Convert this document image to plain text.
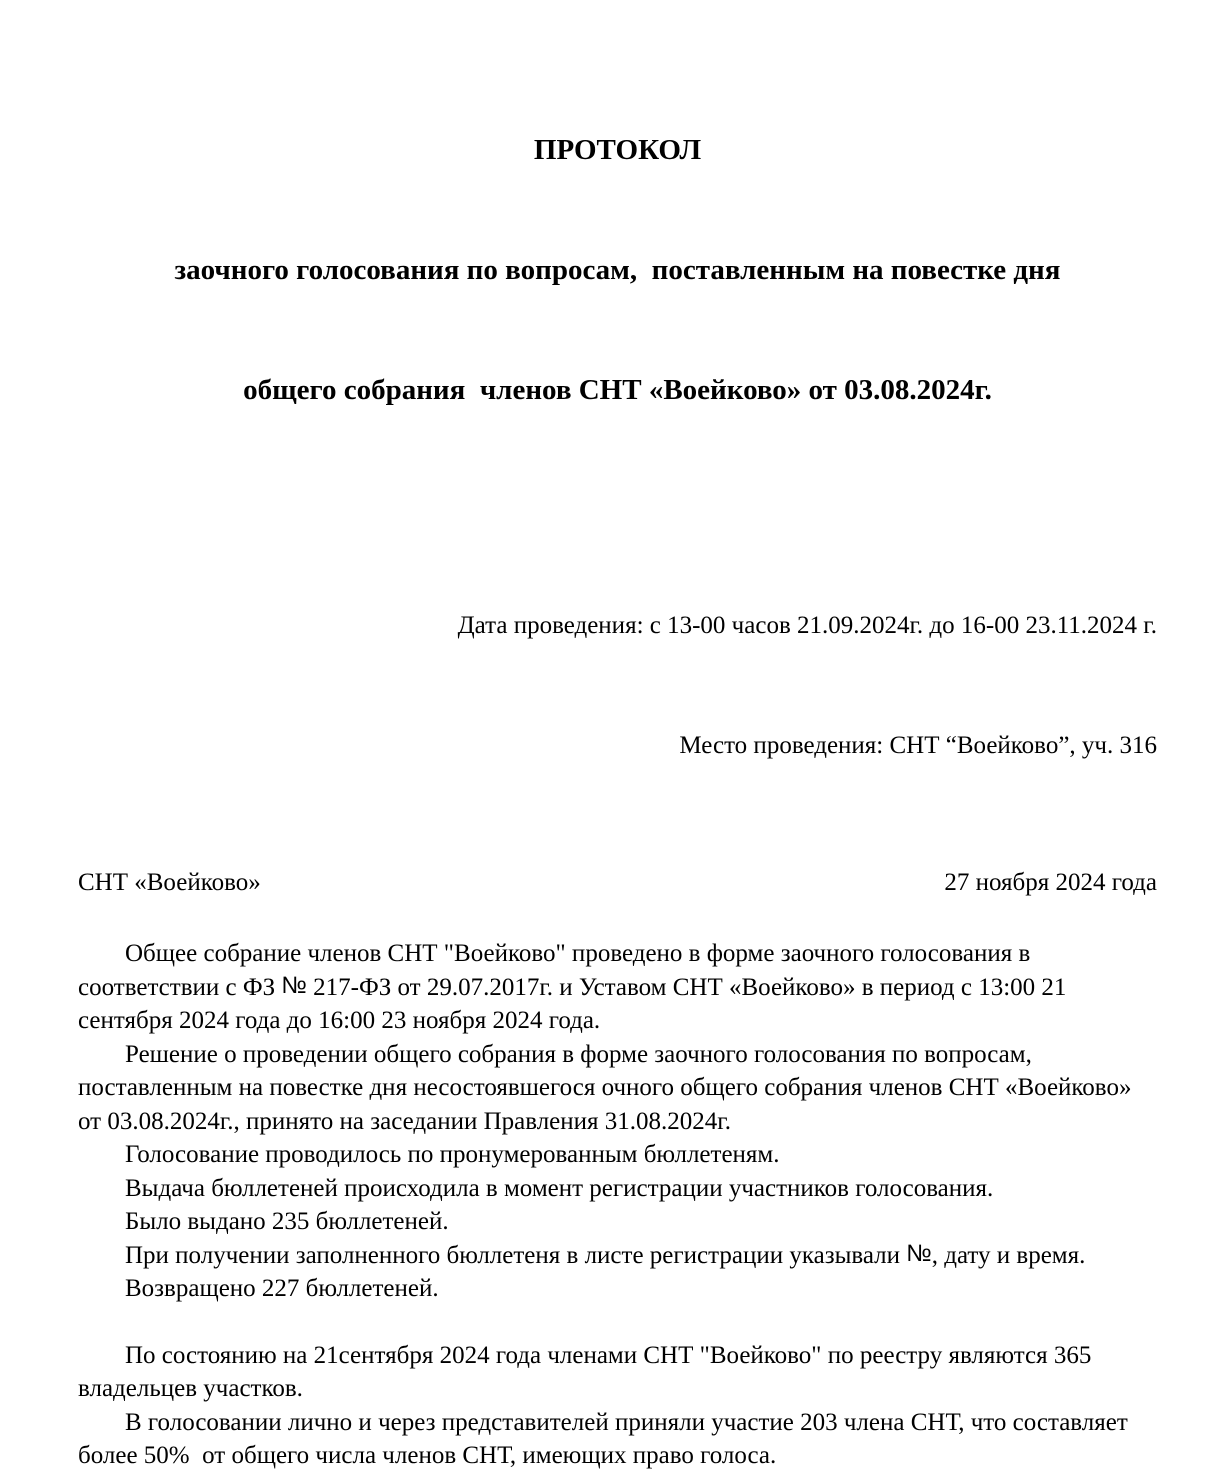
ПРОТОКОЛ

заочного голосования по вопросам,  поставленным на повестке дня

общего собрания  членов СНТ «Воейково» от 03.08.2024г.

Дата проведения: с 13-00 часов 21.09.2024г. до 16-00 23.11.2024 г.

Место проведения: СНТ “Воейково”, уч. 316

СНТ «Воейково»	27 ноября 2024 года

Общее собрание членов СНТ "Воейково" проведено в форме заочного голосования в соответствии с ФЗ № 217-ФЗ от 29.07.2017г. и Уставом СНТ «Воейково» в период с 13:00 21 сентября 2024 года до 16:00 23 ноября 2024 года.

Решение о проведении общего собрания в форме заочного голосования по вопросам, поставленным на повестке дня несостоявшегося очного общего собрания членов СНТ «Воейково» от 03.08.2024г., принято на заседании Правления 31.08.2024г.

Голосование проводилось по пронумерованным бюллетеням.

Выдача бюллетеней происходила в момент регистрации участников голосования.

Было выдано 235 бюллетеней.

При получении заполненного бюллетеня в листе регистрации указывали №, дату и время.

Возвращено 227 бюллетеней.

По состоянию на 21сентября 2024 года членами СНТ "Воейково" по реестру являются 365 владельцев участков.

В голосовании лично и через представителей приняли участие 203 члена СНТ, что составляет более 50%  от общего числа членов СНТ, имеющих право голоса.
